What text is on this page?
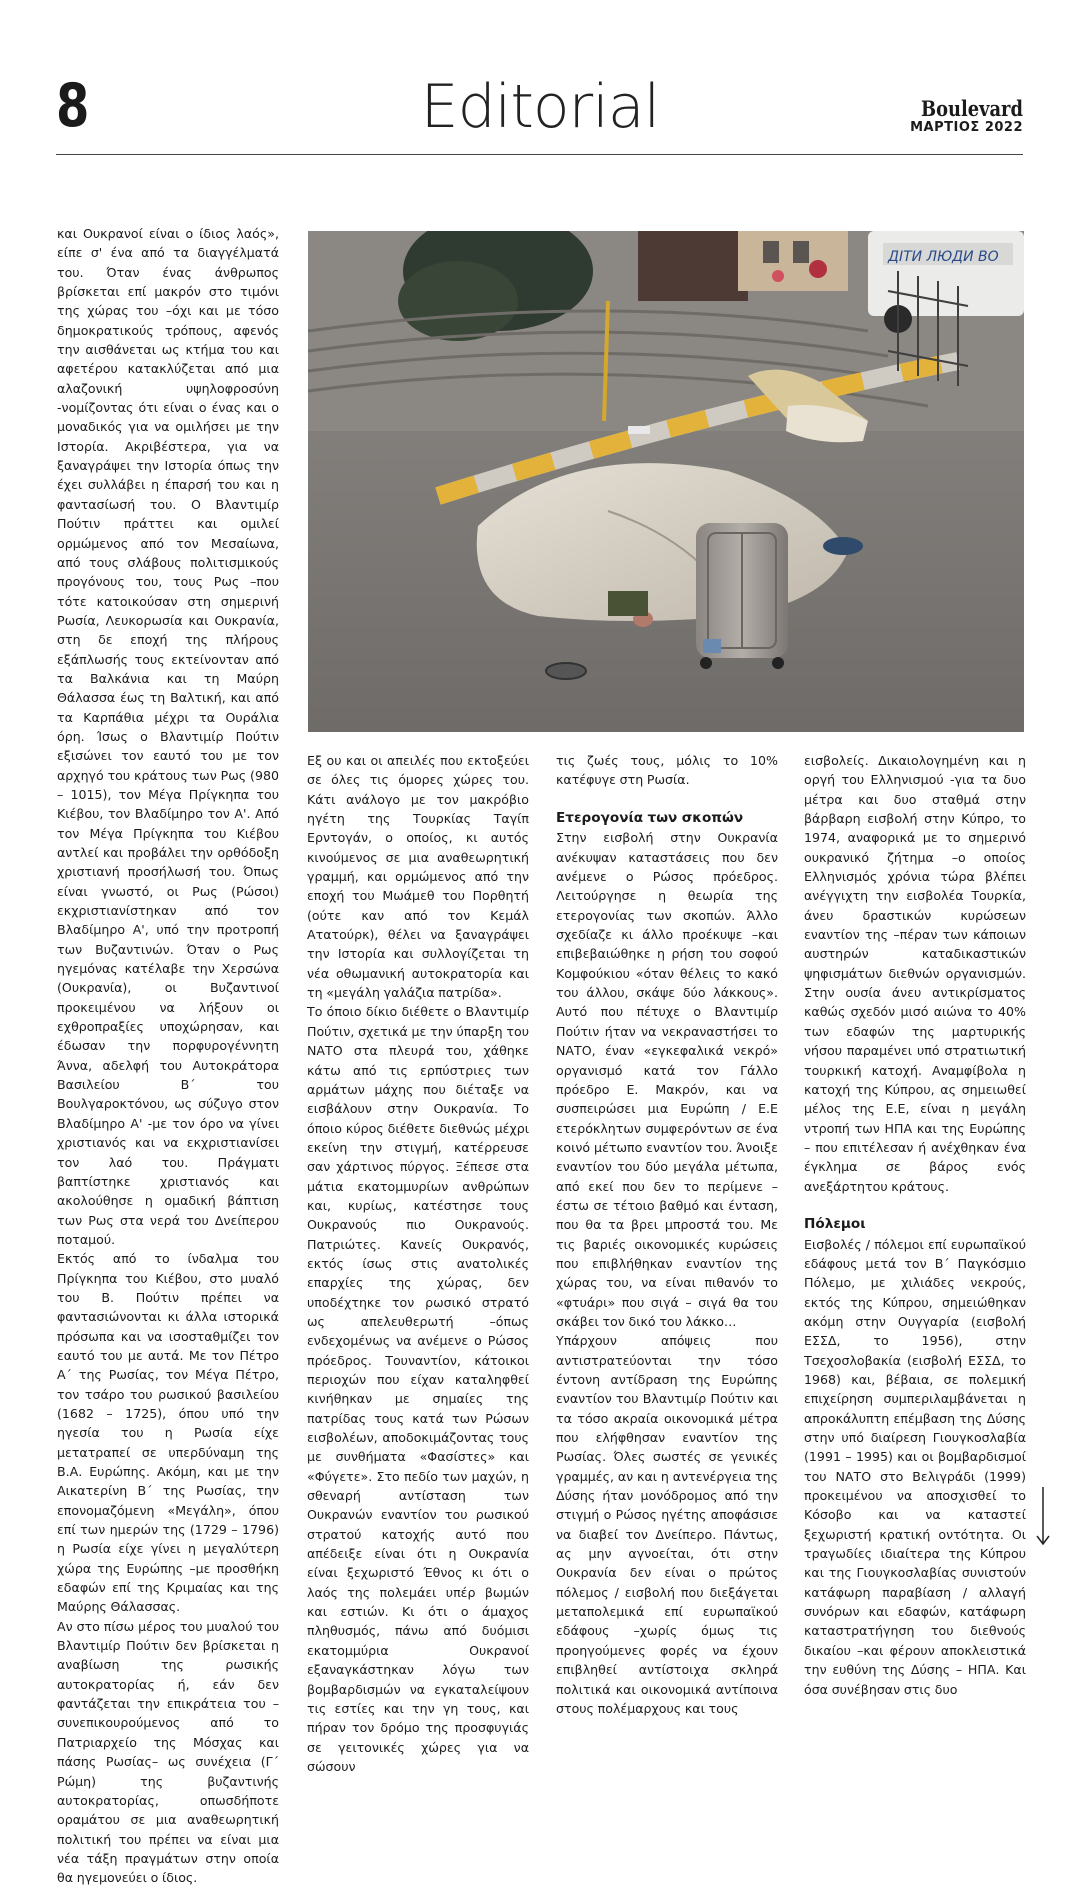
8	Editorial	Boulevard
ΜΑΡΤΙΟΣ 2022

και Ουκρανοί είναι ο ίδιος λαός», είπε σ' ένα από τα διαγγέλματά του. Όταν ένας άνθρωπος βρίσκεται επί μακρόν στο τιμόνι της χώρας του –όχι και με τόσο δημοκρατικούς τρόπους, αφενός την αισθάνεται ως κτήμα του και αφετέρου κατακλύζεται από μια αλαζονική υψηλοφροσύνη -νομίζοντας ότι είναι ο ένας και ο μοναδικός για να ομιλήσει με την Ιστορία. Ακριβέστερα, για να ξαναγράψει την Ιστορία όπως την έχει συλλάβει η έπαρσή του και η φαντασίωσή του. Ο Βλαντιμίρ Πούτιν πράττει και ομιλεί ορμώμενος από τον Μεσαίωνα, από τους σλάβους πολιτισμικούς προγόνους του, τους Ρως –που τότε κατοικούσαν στη σημερινή Ρωσία, Λευκορωσία και Ουκρανία, στη δε εποχή της πλήρους εξάπλωσής τους εκτείνονταν από τα Βαλκάνια και τη Μαύρη Θάλασσα έως τη Βαλτική, και από τα Καρπάθια μέχρι τα Ουράλια όρη. Ίσως ο Βλαντιμίρ Πούτιν εξισώνει τον εαυτό του με τον αρχηγό του κράτους των Ρως (980 – 1015), τον Μέγα Πρίγκηπα του Κιέβου, τον Βλαδίμηρο τον Α'. Από τον Μέγα Πρίγκηπα του Κιέβου αντλεί και προβάλει την ορθόδοξη χριστιανή προσήλωσή του. Όπως είναι γνωστό, οι Ρως (Ρώσοι) εκχριστιανίστηκαν από τον Βλαδίμηρο Α', υπό την προτροπή των Βυζαντινών. Όταν ο Ρως ηγεμόνας κατέλαβε την Χερσώνα (Ουκρανία), οι Βυζαντινοί προκειμένου να λήξουν οι εχθροπραξίες υποχώρησαν, και έδωσαν την πορφυρογέννητη Άννα, αδελφή του Αυτοκράτορα Βασιλείου Β΄ του Βουλγαροκτόνου, ως σύζυγο στον Βλαδίμηρο Α' -με τον όρο να γίνει χριστιανός και να εκχριστιανίσει τον λαό του. Πράγματι βαπτίστηκε χριστιανός και ακολούθησε η ομαδική βάπτιση των Ρως στα νερά του Δνείπερου ποταμού.

Εκτός από το ίνδαλμα του Πρίγκηπα του Κιέβου, στο μυαλό του Β. Πούτιν πρέπει να φαντασιώνονται κι άλλα ιστορικά πρόσωπα και να ισοσταθμίζει τον εαυτό του με αυτά. Με τον Πέτρο Α΄ της Ρωσίας, τον Μέγα Πέτρο, τον τσάρο του ρωσικού βασιλείου (1682 – 1725), όπου υπό την ηγεσία του η Ρωσία είχε μετατραπεί σε υπερδύναμη της Β.Α. Ευρώπης. Ακόμη, και με την Αικατερίνη Β΄ της Ρωσίας, την επονομαζόμενη «Μεγάλη», όπου επί των ημερών της (1729 – 1796) η Ρωσία είχε γίνει η μεγαλύτερη χώρα της Ευρώπης –με προσθήκη εδαφών επί της Κριμαίας και της Μαύρης Θάλασσας.

Αν στο πίσω μέρος του μυαλού του Βλαντιμίρ Πούτιν δεν βρίσκεται η αναβίωση της ρωσικής αυτοκρατορίας ή, εάν δεν φαντάζεται την επικράτεια του –συνεπικουρούμενος από το Πατριαρχείο της Μόσχας και πάσης Ρωσίας– ως συνέχεια (Γ΄ Ρώμη) της βυζαντινής αυτοκρατορίας, οπωσδήποτε οραμάτου σε μια αναθεωρητική πολιτική του πρέπει να είναι μια νέα τάξη πραγμάτων στην οποία θα ηγεμονεύει ο ίδιος.

ДІТИ ЛЮДИ ВО

Εξ ου και οι απειλές που εκτοξεύει σε όλες τις όμορες χώρες του. Κάτι ανάλογο με τον μακρόβιο ηγέτη της Τουρκίας Ταγίπ Ερντογάν, ο οποίος, κι αυτός κινούμενος σε μια αναθεωρητική γραμμή, και ορμώμενος από την εποχή του Μωάμεθ του Πορθητή (ούτε καν από τον Κεμάλ Ατατούρκ), θέλει να ξαναγράψει την Ιστορία και συλλογίζεται τη νέα οθωμανική αυτοκρατορία και τη «μεγάλη γαλάζια πατρίδα».

Το όποιο δίκιο διέθετε ο Βλαντιμίρ Πούτιν, σχετικά με την ύπαρξη του ΝΑΤΟ στα πλευρά του, χάθηκε κάτω από τις ερπύστριες των αρμάτων μάχης που διέταξε να εισβάλουν στην Ουκρανία. Το όποιο κύρος διέθετε διεθνώς μέχρι εκείνη την στιγμή, κατέρρευσε σαν χάρτινος πύργος. Ξέπεσε στα μάτια εκατομμυρίων ανθρώπων και, κυρίως, κατέστησε τους Ουκρανούς πιο Ουκρανούς. Πατριώτες. Κανείς Ουκρανός, εκτός ίσως στις ανατολικές επαρχίες της χώρας, δεν υποδέχτηκε τον ρωσικό στρατό ως απελευθερωτή –όπως ενδεχομένως να ανέμενε ο Ρώσος πρόεδρος. Τουναντίον, κάτοικοι περιοχών που είχαν καταληφθεί κινήθηκαν με σημαίες της πατρίδας τους κατά των Ρώσων εισβολέων, αποδοκιμάζοντας τους με συνθήματα «Φασίστες» και «Φύγετε». Στο πεδίο των μαχών, η σθεναρή αντίσταση των Ουκρανών εναντίον του ρωσικού στρατού κατοχής αυτό που απέδειξε είναι ότι η Ουκρανία είναι ξεχωριστό Έθνος κι ότι ο λαός της πολεμάει υπέρ βωμών και εστιών. Κι ότι ο άμαχος πληθυσμός, πάνω από δυόμισι εκατομμύρια Ουκρανοί εξαναγκάστηκαν λόγω των βομβαρδισμών να εγκαταλείψουν τις εστίες και την γη τους, και πήραν τον δρόμο της προσφυγιάς σε γειτονικές χώρες για να σώσουν

τις ζωές τους, μόλις το 10% κατέφυγε στη Ρωσία.

Ετερογονία των σκοπών

Στην εισβολή στην Ουκρανία ανέκυψαν καταστάσεις που δεν ανέμενε ο Ρώσος πρόεδρος. Λειτούργησε η θεωρία της ετερογονίας των σκοπών. Άλλο σχεδίαζε κι άλλο προέκυψε –και επιβεβαιώθηκε η ρήση του σοφού Κομφούκιου «όταν θέλεις το κακό του άλλου, σκάψε δύο λάκκους». Αυτό που πέτυχε ο Βλαντιμίρ Πούτιν ήταν να νεκραναστήσει το ΝΑΤΟ, έναν «εγκεφαλικά νεκρό» οργανισμό κατά τον Γάλλο πρόεδρο Ε. Μακρόν, και να συσπειρώσει μια Ευρώπη / Ε.Ε ετερόκλητων συμφερόντων σε ένα κοινό μέτωπο εναντίον του. Άνοιξε εναντίον του δύο μεγάλα μέτωπα, από εκεί που δεν το περίμενε –έστω σε τέτοιο βαθμό και ένταση, που θα τα βρει μπροστά του. Με τις βαριές οικονομικές κυρώσεις που επιβλήθηκαν εναντίον της χώρας του, να είναι πιθανόν το «φτυάρι» που σιγά – σιγά θα του σκάβει τον δικό του λάκκο…

Υπάρχουν απόψεις που αντιστρατεύονται την τόσο έντονη αντίδραση της Ευρώπης εναντίον του Βλαντιμίρ Πούτιν και τα τόσο ακραία οικονομικά μέτρα που ελήφθησαν εναντίον της Ρωσίας. Όλες σωστές σε γενικές γραμμές, αν και η αντενέργεια της Δύσης ήταν μονόδρομος από την στιγμή ο Ρώσος ηγέτης αποφάσισε να διαβεί τον Δνείπερο. Πάντως, ας μην αγνοείται, ότι στην Ουκρανία δεν είναι ο πρώτος πόλεμος / εισβολή που διεξάγεται μεταπολεμικά επί ευρωπαϊκού εδάφους –χωρίς όμως τις προηγούμενες φορές να έχουν επιβληθεί αντίστοιχα σκληρά πολιτικά και οικονομικά αντίποινα στους πολέμαρχους και τους

εισβολείς. Δικαιολογημένη και η οργή του Ελληνισμού -για τα δυο μέτρα και δυο σταθμά στην βάρβαρη εισβολή στην Κύπρο, το 1974, αναφορικά με το σημερινό ουκρανικό ζήτημα –ο οποίος Ελληνισμός χρόνια τώρα βλέπει ανέγγιχτη την εισβολέα Τουρκία, άνευ δραστικών κυρώσεων εναντίον της –πέραν των κάποιων αυστηρών καταδικαστικών ψηφισμάτων διεθνών οργανισμών. Στην ουσία άνευ αντικρίσματος καθώς σχεδόν μισό αιώνα το 40% των εδαφών της μαρτυρικής νήσου παραμένει υπό στρατιωτική τουρκική κατοχή. Αναμφίβολα η κατοχή της Κύπρου, ας σημειωθεί μέλος της Ε.Ε, είναι η μεγάλη ντροπή των ΗΠΑ και της Ευρώπης – που επιτέλεσαν ή ανέχθηκαν ένα έγκλημα σε βάρος ενός ανεξάρτητου κράτους.

Πόλεμοι

Εισβολές / πόλεμοι επί ευρωπαϊκού εδάφους μετά τον Β΄ Παγκόσμιο Πόλεμο, με χιλιάδες νεκρούς, εκτός της Κύπρου, σημειώθηκαν ακόμη στην Ουγγαρία (εισβολή ΕΣΣΔ, το 1956), στην Τσεχοσλοβακία (εισβολή ΕΣΣΔ, το 1968) και, βέβαια, σε πολεμική επιχείρηση συμπεριλαμβάνεται η απροκάλυπτη επέμβαση της Δύσης στην υπό διαίρεση Γιουγκοσλαβία (1991 – 1995) και οι βομβαρδισμοί του ΝΑΤΟ στο Βελιγράδι (1999) προκειμένου να αποσχισθεί το Κόσοβο και να καταστεί ξεχωριστή κρατική οντότητα. Οι τραγωδίες ιδιαίτερα της Κύπρου και της Γιουγκοσλαβίας συνιστούν κατάφωρη παραβίαση / αλλαγή συνόρων και εδαφών, κατάφωρη καταστρατήγηση του διεθνούς δικαίου –και φέρουν αποκλειστικά την ευθύνη της Δύσης – ΗΠΑ. Και όσα συνέβησαν στις δυο
